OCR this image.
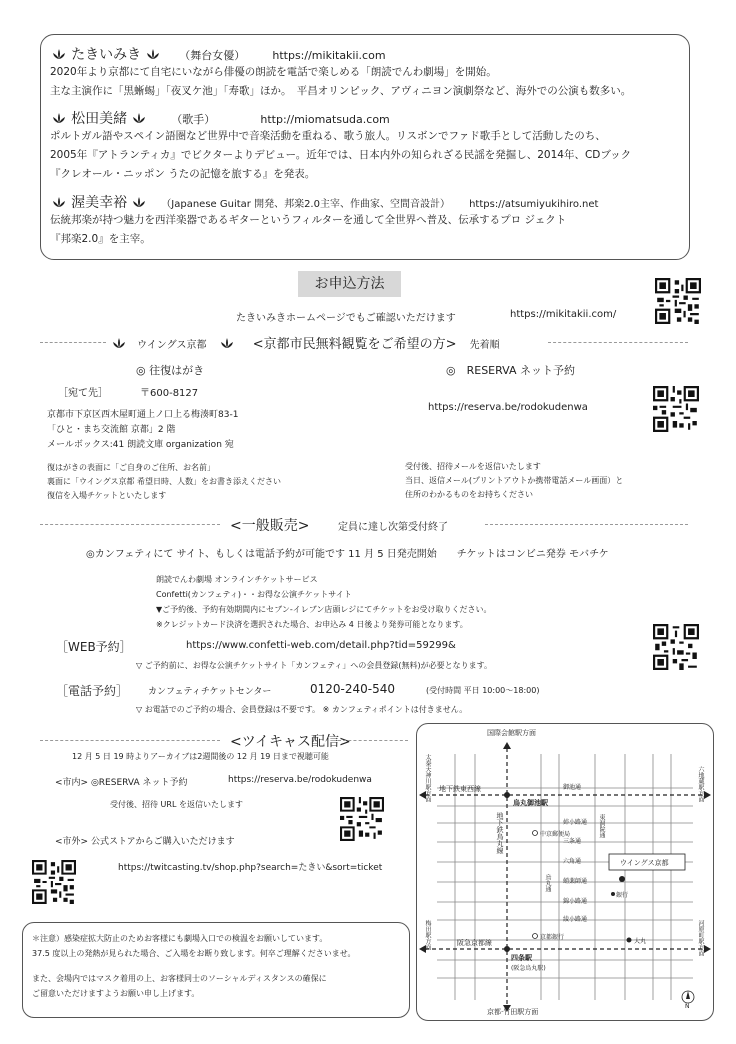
たきいみき	（舞台女優） https://mikitakii.com
2020年より京都にて自宅にいながら俳優の朗読を電話で楽しめる「朗読でんわ劇場」を開始。
主な主演作に「黒蜥蜴」「夜叉ケ池」「寿歌」ほか。　平昌オリンピック、アヴィニヨン演劇祭など、海外での公演も数多い。
松田美緒	（歌手）	http://miomatsuda.com
ポルトガル語やスペイン語圏など世界中で音楽活動を重ねる、歌う旅人。リスボンでファド歌手として活動したのち、
2005年『アトランティカ』でビクターよりデビュー。近年では、日本内外の知られざる民謡を発掘し、2014年、CDブック
『クレオール・ニッポン うたの記憶を旅する』を発表。
渥美幸裕	（Japanese Guitar 開発、邦楽2.0主宰、作曲家、空間音設計） https://atsumiyukihiro.net
伝統邦楽が持つ魅力を西洋楽器であるギターというフィルターを通して全世界へ普及、伝承するプロ ジェクト
『邦楽2.0』を主宰。
お申込方法
たきいみきホームページでもご確認いただけます	https://mikitakii.com/
ウイングス京都	<京都市民無料観覧をご希望の方> 先着順
◎ 往復はがき
［宛て先］	〒600-8127
京都市下京区西木屋町通上ノ口上る梅湊町83-1
「ひと・まち交流館 京都」2 階
メールボックス:41 朗読文庫 organization 宛
復はがきの表面に「ご自身のご住所、お名前」
裏面に「ウイングス京都 希望日時、人数」をお書き添えください
復信を入場チケットといたします
◎　RESERVA ネット予約
https://reserva.be/rodokudenwa
受付後、招待メールを返信いたします
当日、返信メール(プリントアウトか携帯電話メール画面）と
住所のわかるものをお持ちください
<一般販売>	定員に達し次第受付終了
◎カンフェティにて サイト、もしくは電話予約が可能です 11 月 5 日発売開始　　チケットはコンビニ発券 モバチケ
朗読でんわ劇場 オンラインチケットサービス
Confetti(カンフェティ)・・お得な公演チケットサイト
▼ご予約後、予約有効期間内にセブン-イレブン店頭レジにてチケットをお受け取りください。
※クレジットカード決済を選択された場合、お申込み 4 日後より発券可能となります。
［WEB予約］	https://www.confetti-web.com/detail.php?tid=59299&
▽ ご予約前に、お得な公演チケットサイト「カンフェティ」への会員登録(無料)が必要となります。
［電話予約］ カンフェティチケットセンター	0120-240-540	(受付時間 平日 10:00～18:00)
▽ お電話でのご予約の場合、会員登録は不要です。 ※ カンフェティポイントは付きません。
<ツイキャス配信>
12 月 5 日 19 時よりアーカイブは2週間後の 12 月 19 日まで視聴可能
<市内> ◎RESERVA ネット予約	https://reserva.be/rodokudenwa
受付後、招待 URL を返信いたします
<市外> 公式ストアからご購入いただけます
https://twitcasting.tv/shop.php?search=たきい&sort=ticket
＊注意）感染症拡大防止のためお客様にも劇場入口での検温をお願いしています。
37.5 度以上の発熱が見られた場合、ご入場をお断り致します。何卒ご理解くださいませ。
また、会場内ではマスク着用の上、お客様同士のソーシャルディスタンスの確保に
ご留意いただけますようお願い申し上げます。
国際会館駅方面
京都·竹田駅方面
太秦天神川駅方面	六地蔵駅方面
梅田駅方面	河原町駅方面
地下鉄東西線
烏丸御池駅
地下鉄烏丸線
四条駅
(阪急烏丸駅)
阪急京都線
ウイングス京都
御池通
姉小路通
三条通
六角通
錦小路通
綾小路通
蛸薬師通
烏丸通
東洞院通
中京郵便局
京都銀行
銀行
大丸
N
